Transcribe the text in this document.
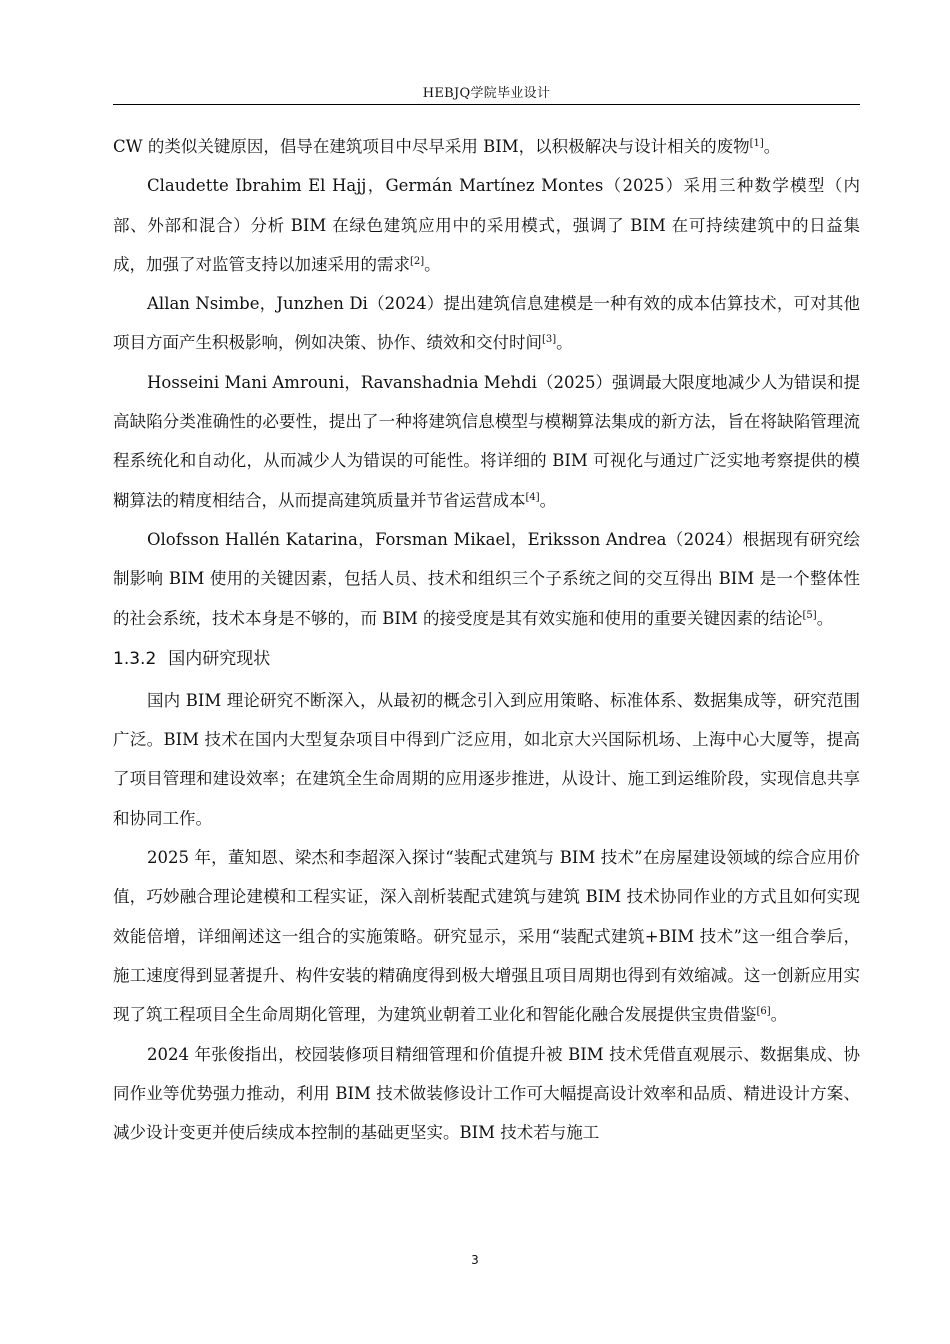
HEBJQ学院毕业设计

CW 的类似关键原因，倡导在建筑项目中尽早采用 BIM，以积极解决与设计相关的废物[1]。

Claudette Ibrahim El Hajj，Germán Martínez Montes（2025）采用三种数学模型（内部、外部和混合）分析 BIM 在绿色建筑应用中的采用模式，强调了 BIM 在可持续建筑中的日益集成，加强了对监管支持以加速采用的需求[2]。

Allan Nsimbe，Junzhen Di（2024）提出建筑信息建模是一种有效的成本估算技术，可对其他项目方面产生积极影响，例如决策、协作、绩效和交付时间[3]。

Hosseini Mani Amrouni，Ravanshadnia Mehdi（2025）强调最大限度地减少人为错误和提高缺陷分类准确性的必要性，提出了一种将建筑信息模型与模糊算法集成的新方法，旨在将缺陷管理流程系统化和自动化，从而减少人为错误的可能性。将详细的 BIM 可视化与通过广泛实地考察提供的模糊算法的精度相结合，从而提高建筑质量并节省运营成本[4]。

Olofsson Hallén Katarina，Forsman Mikael，Eriksson Andrea（2024）根据现有研究绘制影响 BIM 使用的关键因素，包括人员、技术和组织三个子系统之间的交互得出 BIM 是一个整体性的社会系统，技术本身是不够的，而 BIM 的接受度是其有效实施和使用的重要关键因素的结论[5]。

1.3.2 国内研究现状

国内 BIM 理论研究不断深入，从最初的概念引入到应用策略、标准体系、数据集成等，研究范围广泛。BIM 技术在国内大型复杂项目中得到广泛应用，如北京大兴国际机场、上海中心大厦等，提高了项目管理和建设效率；在建筑全生命周期的应用逐步推进，从设计、施工到运维阶段，实现信息共享和协同工作。

2025 年，董知恩、梁杰和李超深入探讨“装配式建筑与 BIM 技术”在房屋建设领域的综合应用价值，巧妙融合理论建模和工程实证，深入剖析装配式建筑与建筑 BIM 技术协同作业的方式且如何实现效能倍增，详细阐述这一组合的实施策略。研究显示，采用“装配式建筑+BIM 技术”这一组合拳后，施工速度得到显著提升、构件安装的精确度得到极大增强且项目周期也得到有效缩减。这一创新应用实现了筑工程项目全生命周期化管理，为建筑业朝着工业化和智能化融合发展提供宝贵借鉴[6]。

2024 年张俊指出，校园装修项目精细管理和价值提升被 BIM 技术凭借直观展示、数据集成、协同作业等优势强力推动，利用 BIM 技术做装修设计工作可大幅提高设计效率和品质、精进设计方案、减少设计变更并使后续成本控制的基础更坚实。BIM 技术若与施工

3
